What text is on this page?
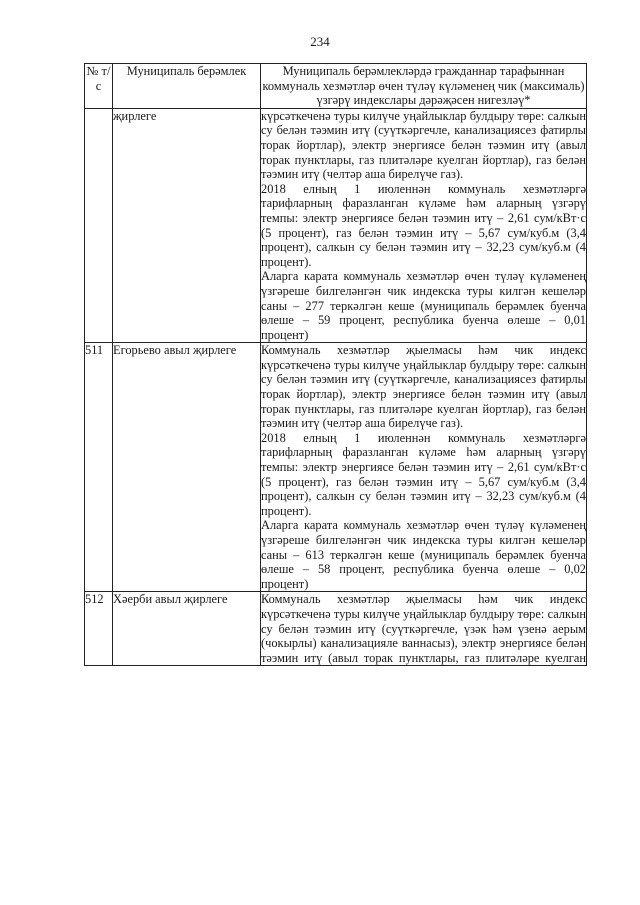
234
№ т/с	Муниципаль берәмлек	Муниципаль берәмлекләрдә гражданнар тарафыннан коммуналь хезмәтләр өчен түләү күләменең чик (максималь) үзгәрү индекслары дәрәҗәсен нигезләү*
	җирлеге	күрсәткеченә туры килүче уңайлыклар булдыру төре: салкын су белән тәэмин итү (суүткәргечле, канализациясез фатирлы торак йортлар), электр энергиясе белән тәэмин итү (авыл торак пунктлары, газ плитәләре куелган йортлар), газ белән тәэмин итү (челтәр аша бирелүче газ).
2018 елның 1 июленнән коммуналь хезмәтләргә тарифларның фаразланган күләме һәм аларның үзгәрү темпы: электр энергиясе белән тәэмин итү – 2,61 сум/кВт·с (5 процент), газ белән тәэмин итү – 5,67 сум/куб.м (3,4 процент), салкын су белән тәэмин итү – 32,23 сум/куб.м (4 процент).
Аларга карата коммуналь хезмәтләр өчен түләү күләменең үзгәреше билгеләнгән чик индекска туры килгән кешеләр саны – 277 теркәлгән кеше (муниципаль берәмлек буенча өлеше – 59 процент, республика буенча өлеше – 0,01 процент)

511	Егорьево авыл җирлеге	Коммуналь хезмәтләр җыелмасы һәм чик индекс күрсәткеченә туры килүче уңайлыклар булдыру төре: салкын су белән тәэмин итү (суүткәргечле, канализациясез фатирлы торак йортлар), электр энергиясе белән тәэмин итү (авыл торак пунктлары, газ плитәләре куелган йортлар), газ белән тәэмин итү (челтәр аша бирелүче газ).
2018 елның 1 июленнән коммуналь хезмәтләргә тарифларның фаразланган күләме һәм аларның үзгәрү темпы: электр энергиясе белән тәэмин итү – 2,61 сум/кВт·с (5 процент), газ белән тәэмин итү – 5,67 сум/куб.м (3,4 процент), салкын су белән тәэмин итү – 32,23 сум/куб.м (4 процент).
Аларга карата коммуналь хезмәтләр өчен түләү күләменең үзгәреше билгеләнгән чик индекска туры килгән кешеләр саны – 613 теркәлгән кеше (муниципаль берәмлек буенча өлеше – 58 процент, республика буенча өлеше – 0,02 процент)

512	Хәерби авыл җирлеге	Коммуналь хезмәтләр җыелмасы һәм чик индекс күрсәткеченә туры килүче уңайлыклар булдыру төре: салкын су белән тәэмин итү (суүткәргечле, үзәк һәм үзенә аерым (чокырлы) канализацияле ваннасыз), электр энергиясе белән тәэмин итү (авыл торак пунктлары, газ плитәләре куелган
